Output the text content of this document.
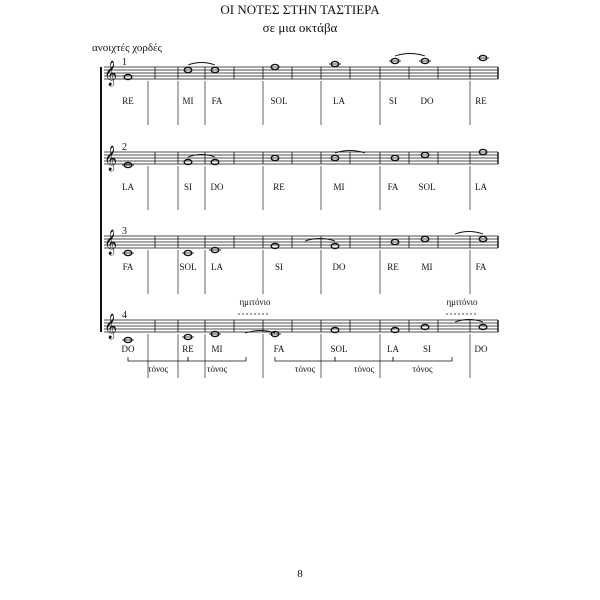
ΟΙ ΝΟΤΕΣ ΣΤΗΝ ΤΑΣΤΙΕΡΑ
σε μια οκτάβα
ανοιχτές χορδές
𝄞 1
RE	MI FA	SOL	LA	SI	DO	RE
𝄞 2
LA	SI DO	RE	MI	FA SOL	LA
𝄞 3
FA	SOL LA	SI	DO	RE	MI	FA
𝄞 4
DO	RE MI	FA	SOL	LA	SI	DO
ημιτόνιο	ημιτόνιο
τόνος	τόνος	τόνος	τόνος	τόνος
8
